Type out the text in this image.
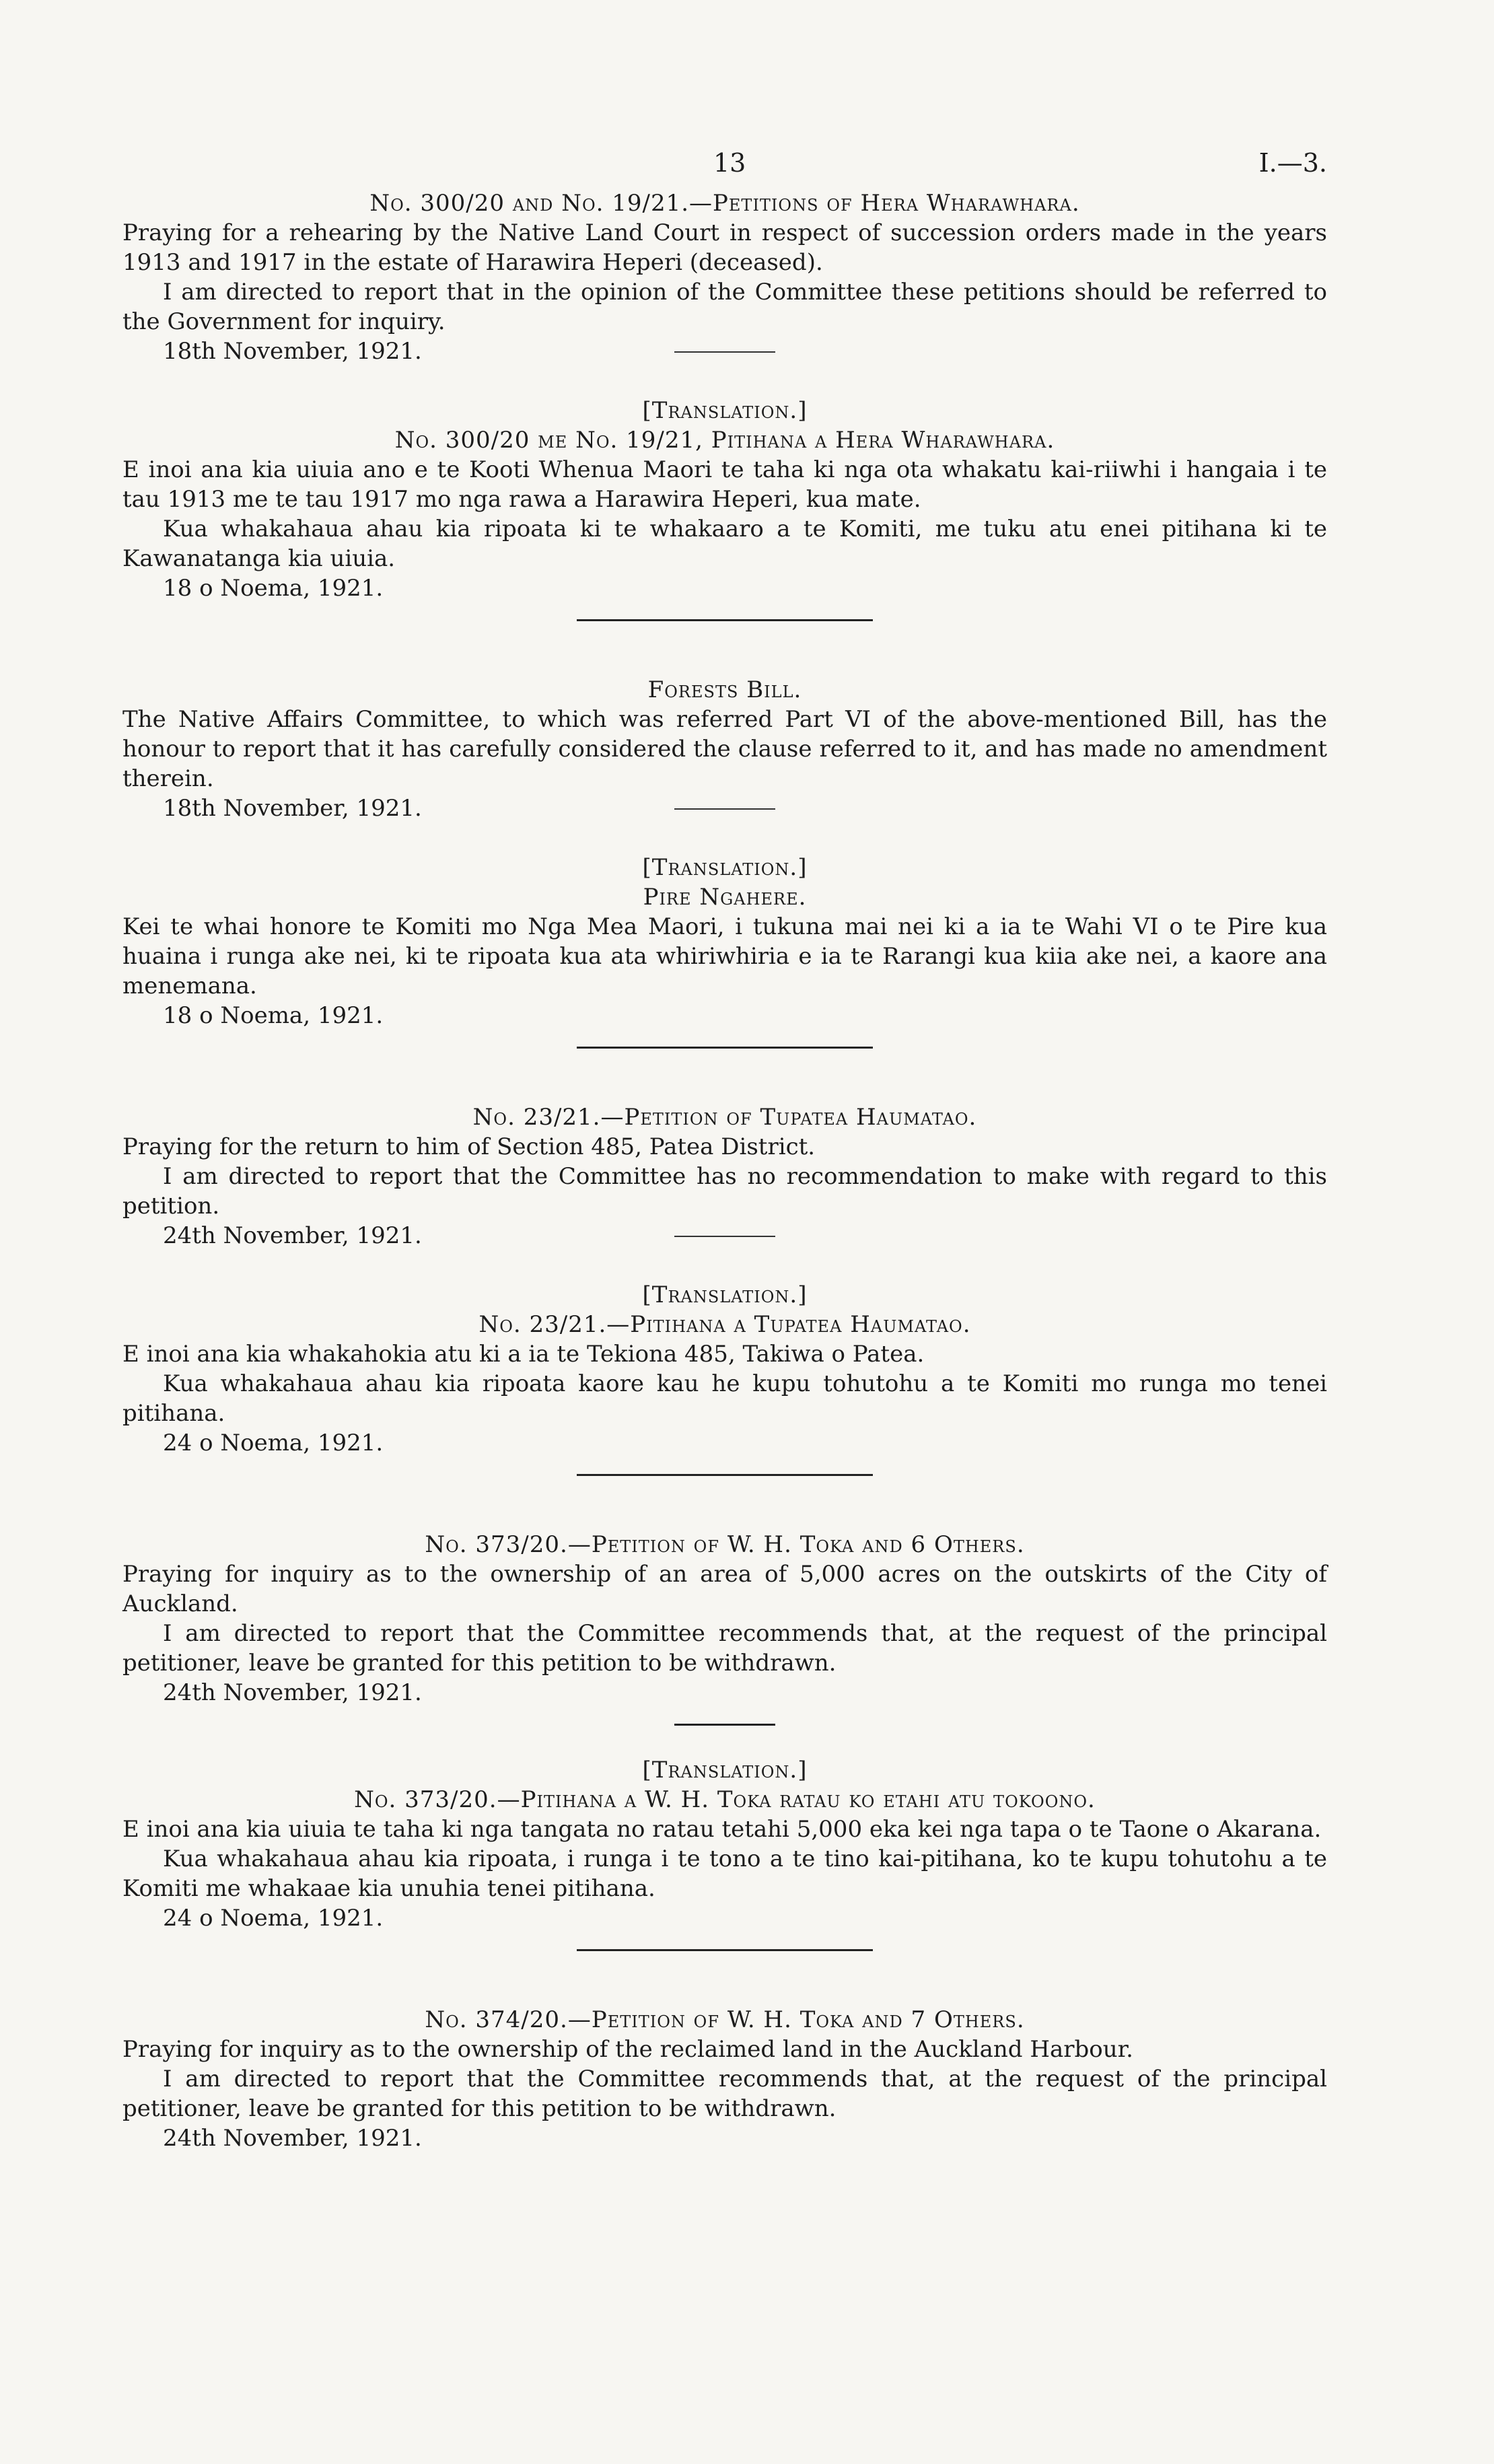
13	I.—3.
No. 300/20 and No. 19/21.—Petitions of Hera Wharawhara.

Praying for a rehearing by the Native Land Court in respect of succession orders made in the years 1913 and 1917 in the estate of Harawira Heperi (deceased).

I am directed to report that in the opinion of the Committee these petitions should be referred to the Government for inquiry.

18th November, 1921.
[Translation.]
No. 300/20 me No. 19/21, Pitihana a Hera Wharawhara.

E inoi ana kia uiuia ano e te Kooti Whenua Maori te taha ki nga ota whakatu kai-riiwhi i hangaia i te tau 1913 me te tau 1917 mo nga rawa a Harawira Heperi, kua mate.

Kua whakahaua ahau kia ripoata ki te whakaaro a te Komiti, me tuku atu enei pitihana ki te Kawanatanga kia uiuia.

18 o Noema, 1921.
Forests Bill.

The Native Affairs Committee, to which was referred Part VI of the above-mentioned Bill, has the honour to report that it has carefully considered the clause referred to it, and has made no amendment therein.

18th November, 1921.
[Translation.]
Pire Ngahere.

Kei te whai honore te Komiti mo Nga Mea Maori, i tukuna mai nei ki a ia te Wahi VI o te Pire kua huaina i runga ake nei, ki te ripoata kua ata whiriwhiria e ia te Rarangi kua kiia ake nei, a kaore ana menemana.

18 o Noema, 1921.
No. 23/21.—Petition of Tupatea Haumatao.

Praying for the return to him of Section 485, Patea District.

I am directed to report that the Committee has no recommendation to make with regard to this petition.

24th November, 1921.
[Translation.]
No. 23/21.—Pitihana a Tupatea Haumatao.

E inoi ana kia whakahokia atu ki a ia te Tekiona 485, Takiwa o Patea.

Kua whakahaua ahau kia ripoata kaore kau he kupu tohutohu a te Komiti mo runga mo tenei pitihana.

24 o Noema, 1921.
No. 373/20.—Petition of W. H. Toka and 6 Others.

Praying for inquiry as to the ownership of an area of 5,000 acres on the outskirts of the City of Auckland.

I am directed to report that the Committee recommends that, at the request of the principal petitioner, leave be granted for this petition to be withdrawn.

24th November, 1921.
[Translation.]
No. 373/20.—Pitihana a W. H. Toka ratau ko etahi atu tokoono.

E inoi ana kia uiuia te taha ki nga tangata no ratau tetahi 5,000 eka kei nga tapa o te Taone o Akarana.

Kua whakahaua ahau kia ripoata, i runga i te tono a te tino kai-pitihana, ko te kupu tohutohu a te Komiti me whakaae kia unuhia tenei pitihana.

24 o Noema, 1921.
No. 374/20.—Petition of W. H. Toka and 7 Others.

Praying for inquiry as to the ownership of the reclaimed land in the Auckland Harbour.

I am directed to report that the Committee recommends that, at the request of the principal petitioner, leave be granted for this petition to be withdrawn.

24th November, 1921.
